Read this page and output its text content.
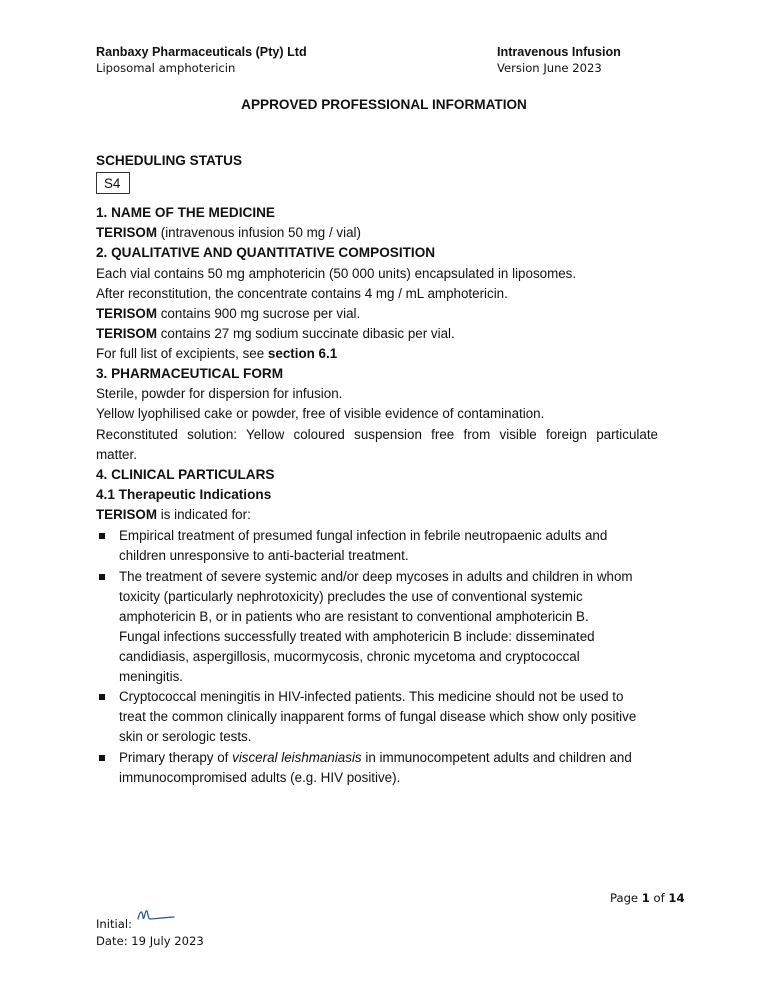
Ranbaxy Pharmaceuticals (Pty) Ltd
Liposomal amphotericin
Intravenous Infusion
Version June 2023
APPROVED PROFESSIONAL INFORMATION
SCHEDULING STATUS
S4
1. NAME OF THE MEDICINE
TERISOM (intravenous infusion 50 mg / vial)
2. QUALITATIVE AND QUANTITATIVE COMPOSITION
Each vial contains 50 mg amphotericin (50 000 units) encapsulated in liposomes.
After reconstitution, the concentrate contains 4 mg / mL amphotericin.
TERISOM contains 900 mg sucrose per vial.
TERISOM contains 27 mg sodium succinate dibasic per vial.
For full list of excipients, see section 6.1
3. PHARMACEUTICAL FORM
Sterile, powder for dispersion for infusion.
Yellow lyophilised cake or powder, free of visible evidence of contamination.
Reconstituted solution: Yellow coloured suspension free from visible foreign particulate
matter.
4. CLINICAL PARTICULARS
4.1 Therapeutic Indications
TERISOM is indicated for:
Empirical treatment of presumed fungal infection in febrile neutropaenic adults and
children unresponsive to anti-bacterial treatment.
The treatment of severe systemic and/or deep mycoses in adults and children in whom
toxicity (particularly nephrotoxicity) precludes the use of conventional systemic
amphotericin B, or in patients who are resistant to conventional amphotericin B.
Fungal infections successfully treated with amphotericin B include: disseminated
candidiasis, aspergillosis, mucormycosis, chronic mycetoma and cryptococcal
meningitis.
Cryptococcal meningitis in HIV-infected patients. This medicine should not be used to
treat the common clinically inapparent forms of fungal disease which show only positive
skin or serologic tests.
Primary therapy of visceral leishmaniasis in immunocompetent adults and children and
immunocompromised adults (e.g. HIV positive).
Page 1 of 14
Initial:
Date: 19 July 2023
